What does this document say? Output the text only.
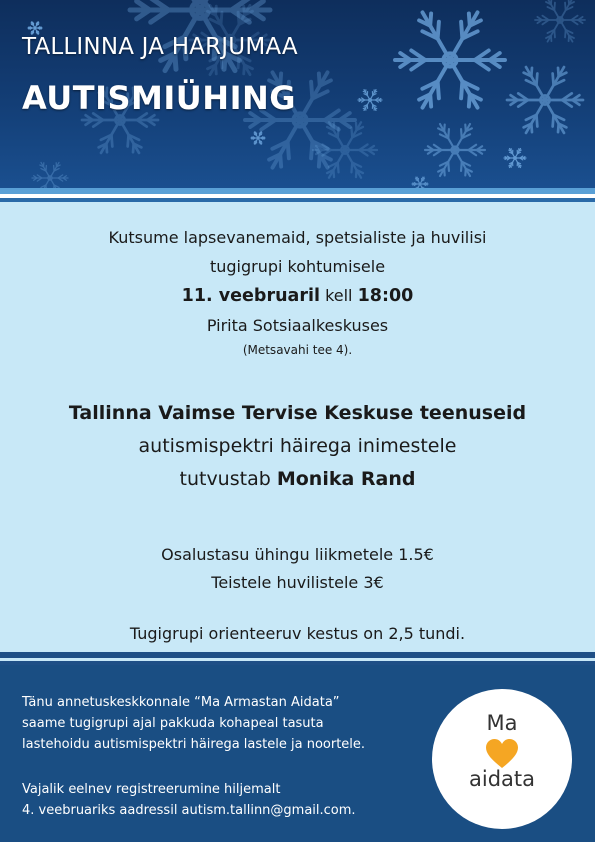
TALLINNA JA HARJUMAA
AUTISMIÜHING

Kutsume lapsevanemaid, spetsialiste ja huvilisi

tugigrupi kohtumisele

11. veebruaril kell 18:00

Pirita Sotsiaalkeskuses

(Metsavahi tee 4).

Tallinna Vaimse Tervise Keskuse teenuseid

autismispektri häirega inimestele

tutvustab Monika Rand

Osalustasu ühingu liikmetele 1.5€

Teistele huvilistele 3€

Tugigrupi orienteeruv kestus on 2,5 tundi.

Tänu annetuskeskkonnale “Ma Armastan Aidata”

saame tugigrupi ajal pakkuda kohapeal tasuta

lastehoidu autismispektri häirega lastele ja noortele.

Vajalik eelnev registreerumine hiljemalt

4. veebruariks aadressil autism.tallinn@gmail.com.

Ma

aidata
